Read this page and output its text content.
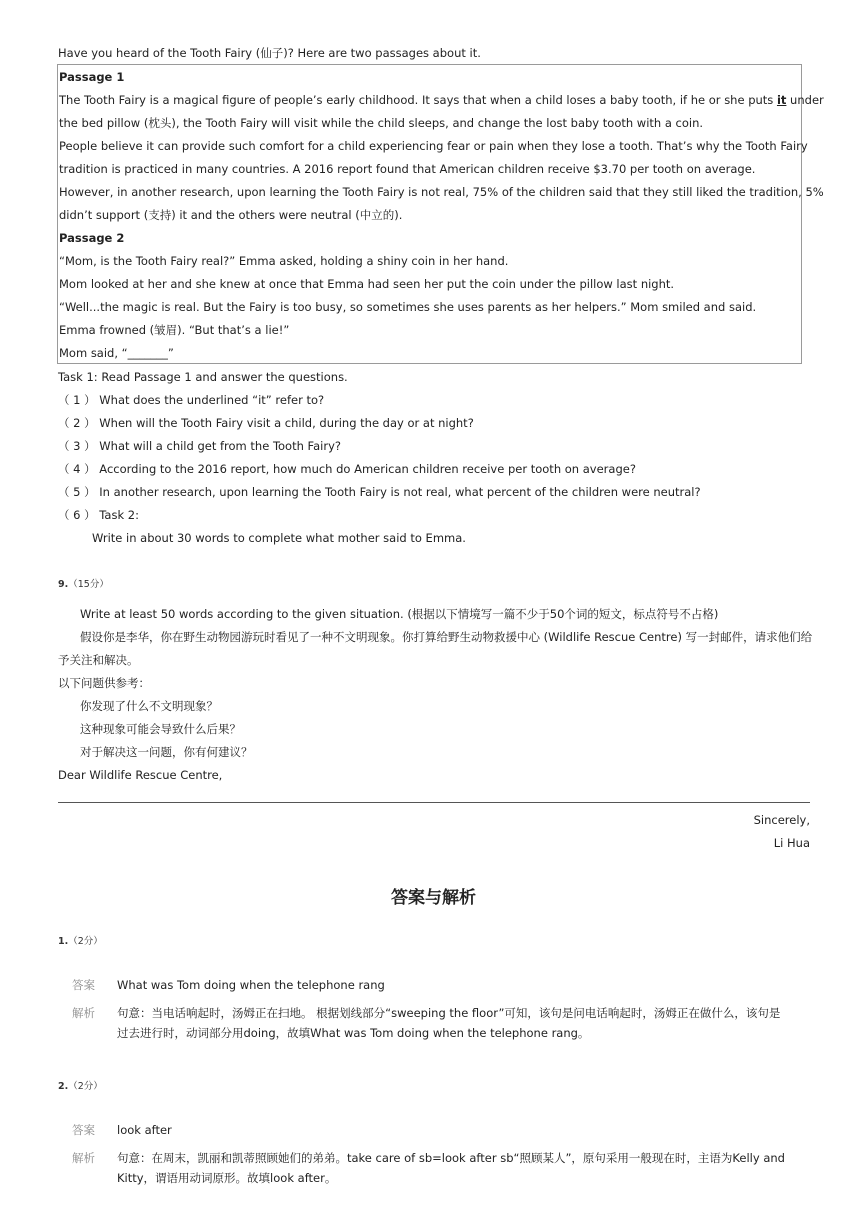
Have you heard of the Tooth Fairy (仙子)? Here are two passages about it.
Passage 1
The Tooth Fairy is a magical figure of people’s early childhood. It says that when a child loses a baby tooth, if he or she puts it under
the bed pillow (枕头), the Tooth Fairy will visit while the child sleeps, and change the lost baby tooth with a coin.
People believe it can provide such comfort for a child experiencing fear or pain when they lose a tooth. That’s why the Tooth Fairy
tradition is practiced in many countries. A 2016 report found that American children receive $3.70 per tooth on average.
However, in another research, upon learning the Tooth Fairy is not real, 75% of the children said that they still liked the tradition, 5%
didn’t support (支持) it and the others were neutral (中立的).
Passage 2
“Mom, is the Tooth Fairy real?” Emma asked, holding a shiny coin in her hand.
Mom looked at her and she knew at once that Emma had seen her put the coin under the pillow last night.
“Well...the magic is real. But the Fairy is too busy, so sometimes she uses parents as her helpers.” Mom smiled and said.
Emma frowned (皱眉). “But that’s a lie!”
Mom said, “_______”
Task 1: Read Passage 1 and answer the questions.
（ 1 ） What does the underlined “it” refer to?
（ 2 ） When will the Tooth Fairy visit a child, during the day or at night?
（ 3 ） What will a child get from the Tooth Fairy?
（ 4 ） According to the 2016 report, how much do American children receive per tooth on average?
（ 5 ） In another research, upon learning the Tooth Fairy is not real, what percent of the children were neutral?
（ 6 ） Task 2:
Write in about 30 words to complete what mother said to Emma.
9.（15分）
Write at least 50 words according to the given situation. (根据以下情境写一篇不少于50个词的短文，标点符号不占格)
假设你是李华，你在野生动物园游玩时看见了一种不文明现象。你打算给野生动物救援中心 (Wildlife Rescue Centre) 写一封邮件，请求他们给
予关注和解决。
以下问题供参考：
你发现了什么不文明现象？
这种现象可能会导致什么后果？
对于解决这一问题，你有何建议？
Dear Wildlife Rescue Centre,
Sincerely,
Li Hua
答案与解析
1.（2分）
答案 What was Tom doing when the telephone rang
解析 句意：当电话响起时，汤姆正在扫地。 根据划线部分“sweeping the floor”可知，该句是问电话响起时，汤姆正在做什么，该句是
过去进行时，动词部分用doing，故填What was Tom doing when the telephone rang。
2.（2分）
答案 look after
解析 句意：在周末，凯丽和凯蒂照顾她们的弟弟。take care of sb=look after sb“照顾某人”，原句采用一般现在时，主语为Kelly and
Kitty，谓语用动词原形。故填look after。
